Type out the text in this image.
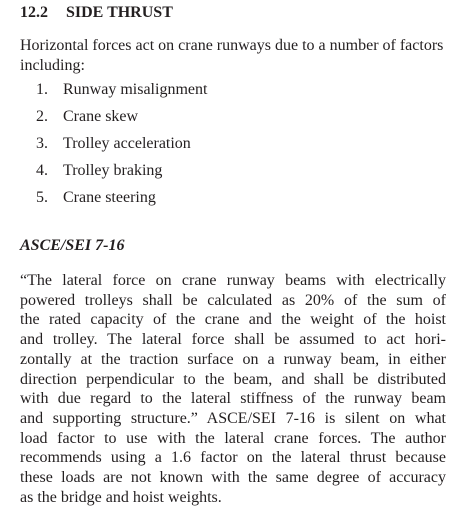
12.2 SIDE THRUST

Horizontal forces act on crane runways due to a number of factors including:

1. Runway misalignment
2. Crane skew
3. Trolley acceleration
4. Trolley braking
5. Crane steering
ASCE/SEI 7-16
“The lateral force on crane runway beams with electrically
powered trolleys shall be calculated as 20% of the sum of
the rated capacity of the crane and the weight of the hoist
and trolley. The lateral force shall be assumed to act hori-
zontally at the traction surface on a runway beam, in either
direction perpendicular to the beam, and shall be distributed
with due regard to the lateral stiffness of the runway beam
and supporting structure.” ASCE/SEI 7-16 is silent on what
load factor to use with the lateral crane forces. The author
recommends using a 1.6 factor on the lateral thrust because
these loads are not known with the same degree of accuracy
as the bridge and hoist weights.
